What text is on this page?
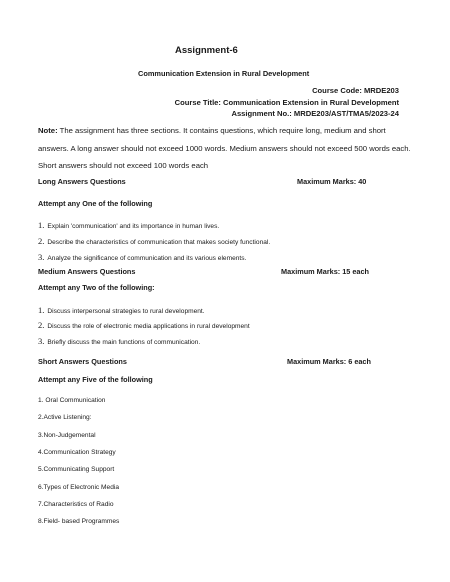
Assignment-6
Communication Extension in Rural Development
Course Code: MRDE203
Course Title: Communication Extension in Rural Development
Assignment No.: MRDE203/AST/TMA5/2023-24
Note: The assignment has three sections. It contains questions, which require long, medium and short answers. A long answer should not exceed 1000 words. Medium answers should not exceed 500 words each. Short answers should not exceed 100 words each
Long Answers Questions	Maximum Marks: 40
Attempt any One of the following
1. Explain 'communication' and its importance in human lives.
2. Describe the characteristics of communication that makes society functional.
3. Analyze the significance of communication and its various elements.
Medium Answers Questions	Maximum Marks: 15 each
Attempt any Two of the following:
1. Discuss interpersonal strategies to rural development.
2. Discuss the role of electronic media applications in rural development
3. Briefly discuss the main functions of communication.
Short Answers Questions	Maximum Marks: 6 each
Attempt any Five of the following
1. Oral Communication
2.Active Listening:
3.Non-Judgemental
4.Communication Strategy
5.Communicating Support
6.Types of Electronic Media
7.Characteristics of Radio
8.Field- based Programmes
